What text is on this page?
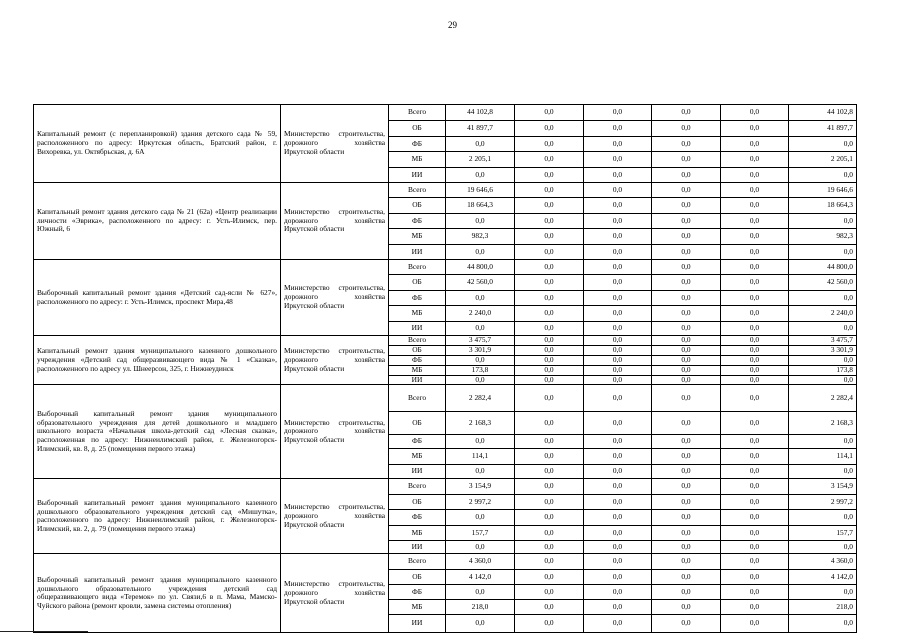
29
Капитальный ремонт (с перепланировкой) здания детского сада № 59, расположенного по адресу: Иркутская область, Братский район, г. Вихоревка, ул. Октябрьская, д. 6А	Министерство строительства, дорожного хозяйства Иркутской области	Всего	44 102,8	0,0	0,0	0,0	0,0	44 102,8
		ОБ	41 897,7	0,0	0,0	0,0	0,0	41 897,7
		ФБ	0,0	0,0	0,0	0,0	0,0	0,0
		МБ	2 205,1	0,0	0,0	0,0	0,0	2 205,1
		ИИ	0,0	0,0	0,0	0,0	0,0	0,0
Капитальный ремонт здания детского сада № 21 (62а) «Центр реализации личности «Эврика», расположенного по адресу: г. Усть-Илимск, пер. Южный, 6	Министерство строительства, дорожного хозяйства Иркутской области	Всего	19 646,6	0,0	0,0	0,0	0,0	19 646,6
		ОБ	18 664,3	0,0	0,0	0,0	0,0	18 664,3
		ФБ	0,0	0,0	0,0	0,0	0,0	0,0
		МБ	982,3	0,0	0,0	0,0	0,0	982,3
		ИИ	0,0	0,0	0,0	0,0	0,0	0,0
Выборочный капитальный ремонт здания «Детский сад-ясли № 627», расположенного по адресу: г. Усть-Илимск, проспект Мира,48	Министерство строительства, дорожного хозяйства Иркутской области	Всего	44 800,0	0,0	0,0	0,0	0,0	44 800,0
		ОБ	42 560,0	0,0	0,0	0,0	0,0	42 560,0
		ФБ	0,0	0,0	0,0	0,0	0,0	0,0
		МБ	2 240,0	0,0	0,0	0,0	0,0	2 240,0
		ИИ	0,0	0,0	0,0	0,0	0,0	0,0
Капитальный ремонт здания муниципального казенного дошкольного учреждения «Детский сад общеразвивающего вида № 1 «Сказка», расположенного по адресу ул. Шнеерсон, 325, г. Нижнеудинск	Министерство строительства, дорожного хозяйства Иркутской области	Всего	3 475,7	0,0	0,0	0,0	0,0	3 475,7
		ОБ	3 301,9	0,0	0,0	0,0	0,0	3 301,9
		ФБ	0,0	0,0	0,0	0,0	0,0	0,0
		МБ	173,8	0,0	0,0	0,0	0,0	173,8
		ИИ	0,0	0,0	0,0	0,0	0,0	0,0
Выборочный капитальный ремонт здания муниципального образовательного учреждения для детей дошкольного и младшего школьного возраста «Начальная школа-детский сад «Лесная сказка», расположенная по адресу: Нижнеилимский район, г. Железногорск-Илимский, кв. 8, д. 25 (помещения первого этажа)	Министерство строительства, дорожного хозяйства Иркутской области	Всего	2 282,4	0,0	0,0	0,0	0,0	2 282,4
		ОБ	2 168,3	0,0	0,0	0,0	0,0	2 168,3
		ФБ	0,0	0,0	0,0	0,0	0,0	0,0
		МБ	114,1	0,0	0,0	0,0	0,0	114,1
		ИИ	0,0	0,0	0,0	0,0	0,0	0,0
Выборочный капитальный ремонт здания муниципального казенного дошкольного образовательного учреждения детский сад «Мишутка», расположенного по адресу: Нижнеилимский район, г. Железногорск-Илимский, кв. 2, д. 79 (помещения первого этажа)	Министерство строительства, дорожного хозяйства Иркутской области	Всего	3 154,9	0,0	0,0	0,0	0,0	3 154,9
		ОБ	2 997,2	0,0	0,0	0,0	0,0	2 997,2
		ФБ	0,0	0,0	0,0	0,0	0,0	0,0
		МБ	157,7	0,0	0,0	0,0	0,0	157,7
		ИИ	0,0	0,0	0,0	0,0	0,0	0,0
Выборочный капитальный ремонт здания муниципального казенного дошкольного образовательного учреждения детский сад общеразвивающего вида «Теремок» по ул. Связи,6 в п. Мама, Мамско-Чуйского района (ремонт кровли, замена системы отопления)	Министерство строительства, дорожного хозяйства Иркутской области	Всего	4 360,0	0,0	0,0	0,0	0,0	4 360,0
		ОБ	4 142,0	0,0	0,0	0,0	0,0	4 142,0
		ФБ	0,0	0,0	0,0	0,0	0,0	0,0
		МБ	218,0	0,0	0,0	0,0	0,0	218,0
		ИИ	0,0	0,0	0,0	0,0	0,0	0,0
